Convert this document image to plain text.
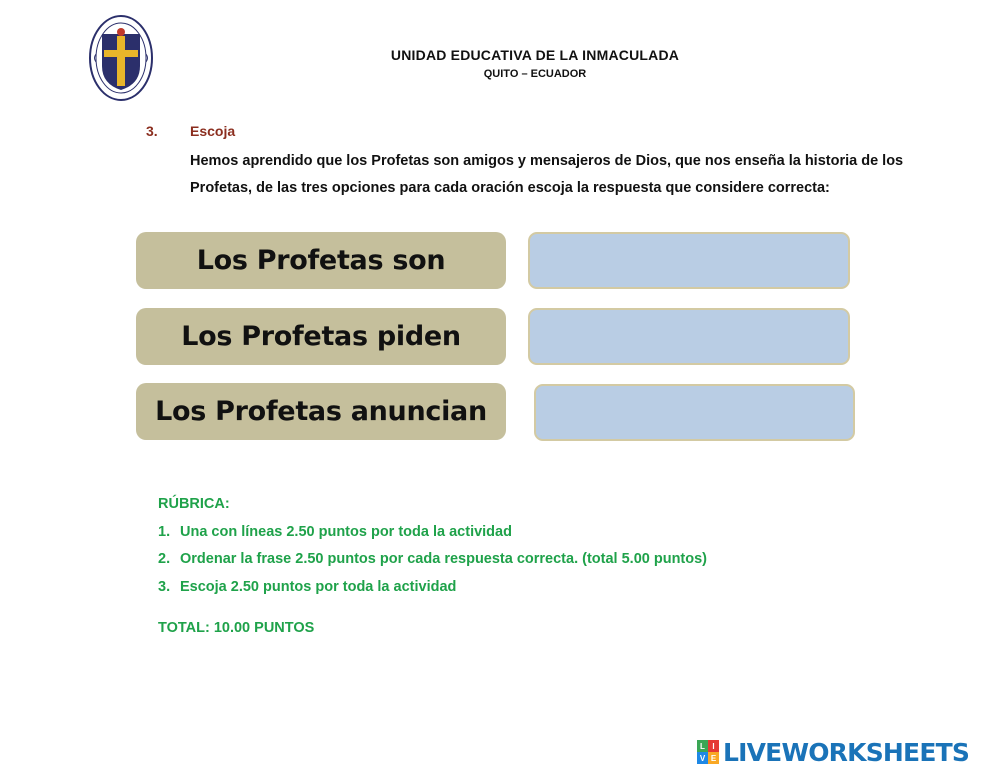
UNIDAD EDUCATIVA DE LA INMACULADA
QUITO – ECUADOR
3. Escoja
Hemos aprendido que los Profetas son amigos y mensajeros de Dios, que nos enseña la historia de los Profetas, de las tres opciones para cada oración escoja la respuesta que considere correcta:
Los Profetas son
Los Profetas piden
Los Profetas anuncian
RÚBRICA:
1. Una con líneas 2.50 puntos por toda la actividad
2. Ordenar la frase 2.50 puntos por cada respuesta correcta. (total 5.00 puntos)
3. Escoja 2.50 puntos por toda la actividad
TOTAL: 10.00 PUNTOS
L I
V E LIVEWORKSHEETS
